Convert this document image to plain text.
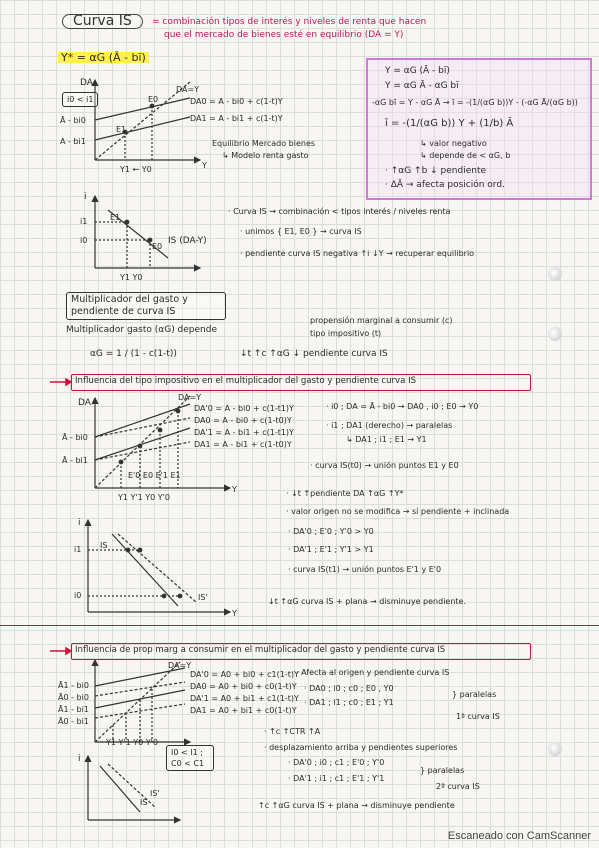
Curva IS	= combinación tipos de interés y niveles de renta que hacen
que el mercado de bienes esté en equilibrio (DA = Y)
Y* = αG (Ā - bī)
Y = αG (Ā - bī)
Y = αG Ā - αG bī
-αG bī = Y - αG Ā → ī = -(1/(αG b))Y - (-αG Ā/(αG b))
ī = -(1/(αG b)) Y + (1/b) Ā
↳ valor negativo
↳ depende de < αG, b
· ↑αG ↑b ↓ pendiente
· ΔĀ → afecta posición ord.
DA
i0 < i1
Ā - bi0
A - bi1
DA=Y
DA0 = A - bi0 + c(1-t)Y
DA1 = A - bi1 + c(1-t)Y
E0
E1
Y
Y1 ← Y0
Equilibrio Mercado bienes
↳ Modelo renta gasto
i
i1
i0	IS (DA-Y)
E1
E0
Y1 Y0
· Curva IS → combinación < tipos interés / niveles renta
· unimos { E1, E0 } → curva IS
· pendiente curva IS negativa ↑i ↓Y → recuperar equilibrio
Multiplicador del gasto y pendiente de curva IS
Multiplicador gasto (αG) depende
propensión marginal a consumir (c)
tipo impositivo (t)
αG = 1 / (1 - c(1-t))	↓t ↑c ↑αG ↓ pendiente curva IS
Influencia del tipo impositivo en el multiplicador del gasto y pendiente curva IS
DA
DA=Y
DA'0 = A - bi0 + c(1-t1)Y
DA0 = A - bi0 + c(1-t0)Y
DA'1 = A - bi1 + c(1-t1)Y
DA1 = A - bi1 + c(1-t0)Y
Ā - bi0
Ā - bi1
Y1 Y'1 Y0 Y'0
Y
E'0 E0 E'1 E1
· i0 ; DA = Ā - bi0 → DA0 , i0 ; E0 → Y0
· i1 ; DA1 (derecho) → paralelas
↳ DA1 ; i1 ; E1 → Y1
· curva IS(t0) → unión puntos E1 y E0
· ↓t ↑pendiente DA ↑αG ↑Y*
· valor origen no se modifica → sí pendiente + inclinada
· DA'0 ; E'0 ; Y'0 > Y0
· DA'1 ; E'1 ; Y'1 > Y1
· curva IS(t1) → unión puntos E'1 y E'0
↓t ↑αG curva IS + plana → disminuye pendiente.
i
i1
i0
IS
IS'
Y
Influencia de prop marg a consumir en el multiplicador del gasto y pendiente curva IS
DA=Y
DA'0 = A0 + bi0 + c1(1-t)Y
DA0 = A0 + bi0 + c0(1-t)Y
DA'1 = A0 + bi1 + c1(1-t)Y
DA1 = A0 + bi1 + c0(1-t)Y
Ā1 - bi0
Ā0 - bi0
Ā1 - bi1
Ā0 - bi1
Y1 Y'1 Y0 Y'0
I0 < I1 ; C0 < C1
· Afecta al origen y pendiente curva IS
· DA0 ; i0 ; c0 ; E0 , Y0
· DA1 ; i1 ; c0 ; E1 ; Y1
} paralelas
1ª curva IS
· ↑c ↑CTR ↑A
· desplazamiento arriba y pendientes superiores
· DA'0 ; i0 ; c1 ; E'0 ; Y'0
· DA'1 ; i1 ; c1 ; E'1 ; Y'1
} paralelas
2ª curva IS
↑c ↑αG curva IS + plana → disminuye pendiente
i
IS
IS'
Escaneado con CamScanner
